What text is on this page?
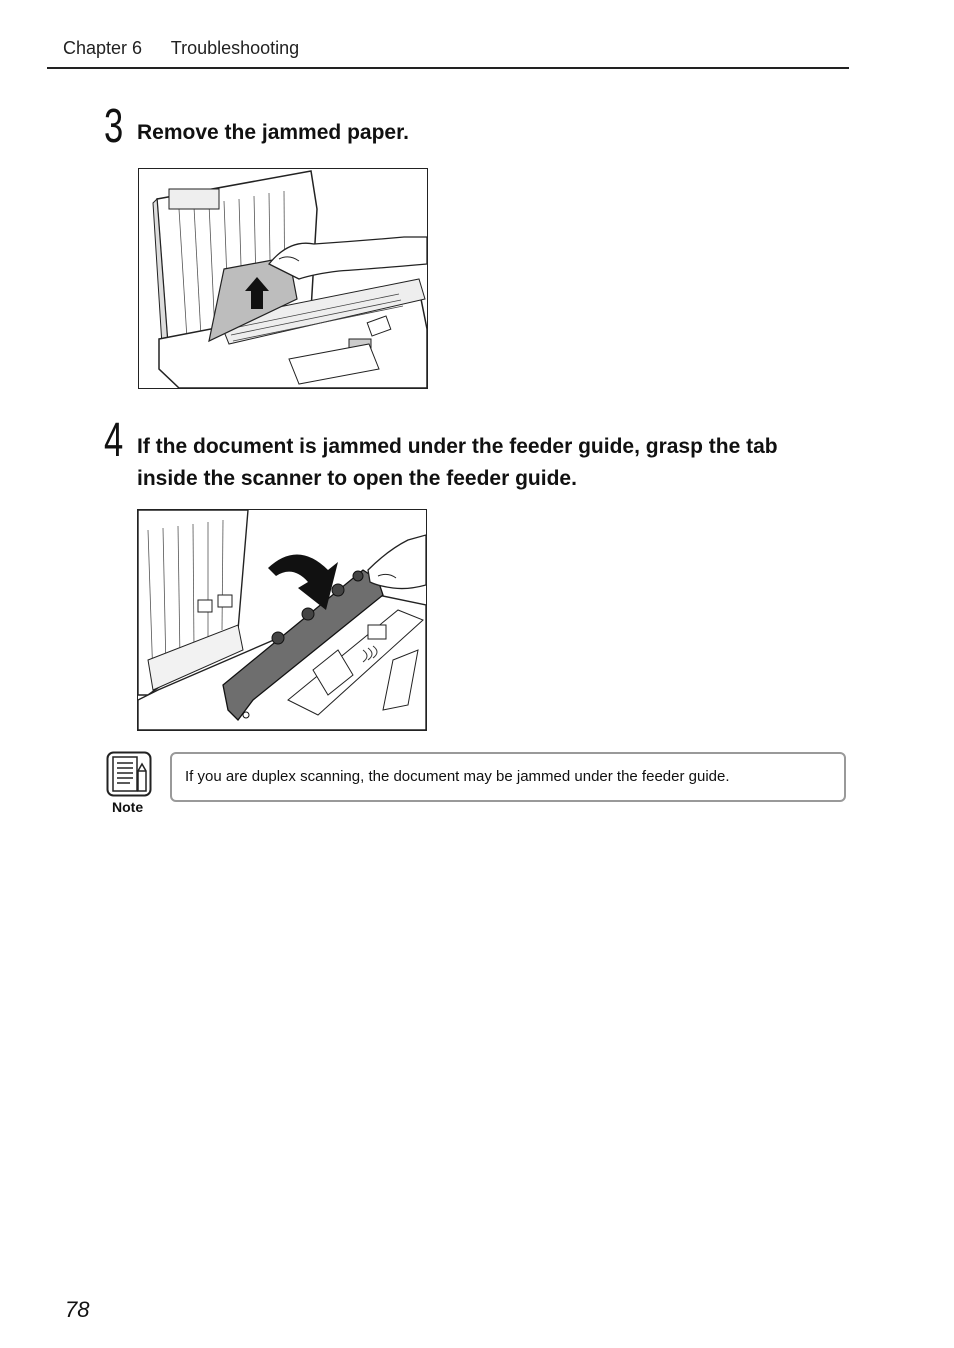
Chapter 6 Troubleshooting
3 Remove the jammed paper.
4 If the document is jammed under the feeder guide, grasp the tab
inside the scanner to open the feeder guide.
Note
If you are duplex scanning, the document may be jammed under the feeder guide.
78
